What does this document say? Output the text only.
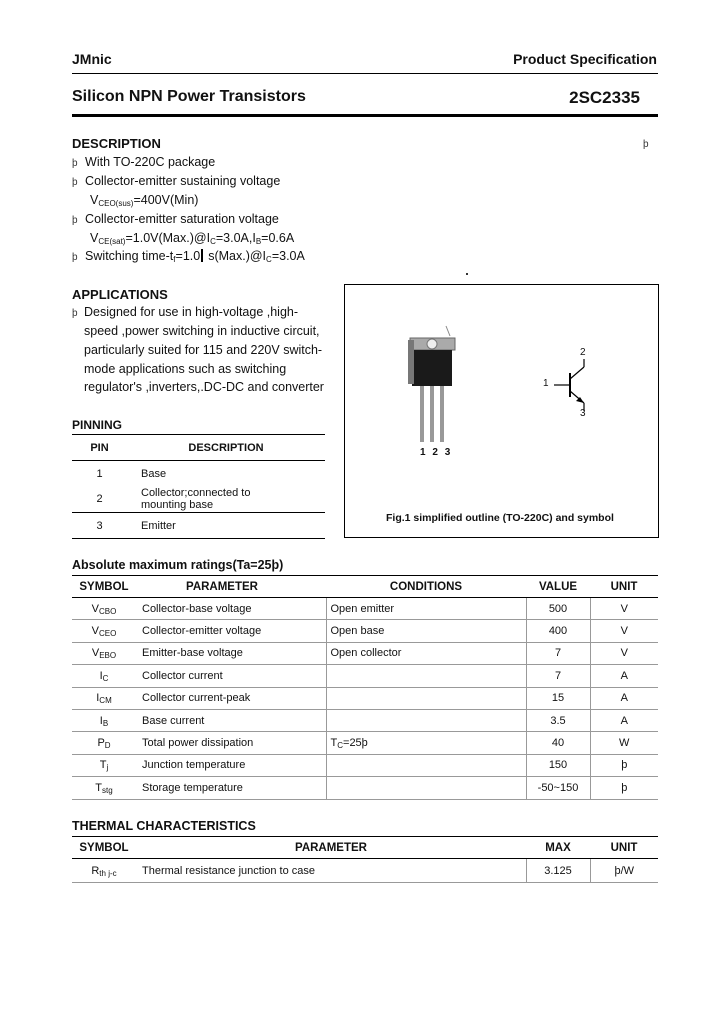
JMnic	Product Specification
Silicon NPN Power Transistors	2SC2335
DESCRIPTION	þ
þ With TO-220C package
þ Collector-emitter sustaining voltage
VCEO(sus)=400V(Min)
þ Collector-emitter saturation voltage
VCE(sat)=1.0V(Max.)@IC=3.0A,IB=0.6A
þ Switching time-tf=1.0 s(Max.)@IC=3.0A
APPLICATIONS
þ Designed for use in high-voltage ,high-
speed ,power switching in inductive circuit,
particularly suited for 115 and 220V switch-
mode applications such as switching
regulator's ,inverters,.DC-DC and converter
PINNING
PIN	DESCRIPTION
1	Base
2	Collector;connected to
mounting base
3	Emitter
1 2 3
1
2
3
Fig.1 simplified outline (TO-220C) and symbol
Absolute maximum ratings(Ta=25þ)
SYMBOL	PARAMETER	CONDITIONS	VALUE	UNIT
VCBO	Collector-base voltage	Open emitter	500	V
VCEO	Collector-emitter voltage	Open base	400	V
VEBO	Emitter-base voltage	Open collector	7	V
IC	Collector current		7	A
ICM	Collector current-peak		15	A
IB	Base current		3.5	A
PD	Total power dissipation	TC=25þ	40	W
Tj	Junction temperature		150	þ
Tstg	Storage temperature		-50~150	þ
THERMAL CHARACTERISTICS
SYMBOL	PARAMETER	MAX	UNIT
Rth j-c	Thermal resistance junction to case	3.125	þ/W
